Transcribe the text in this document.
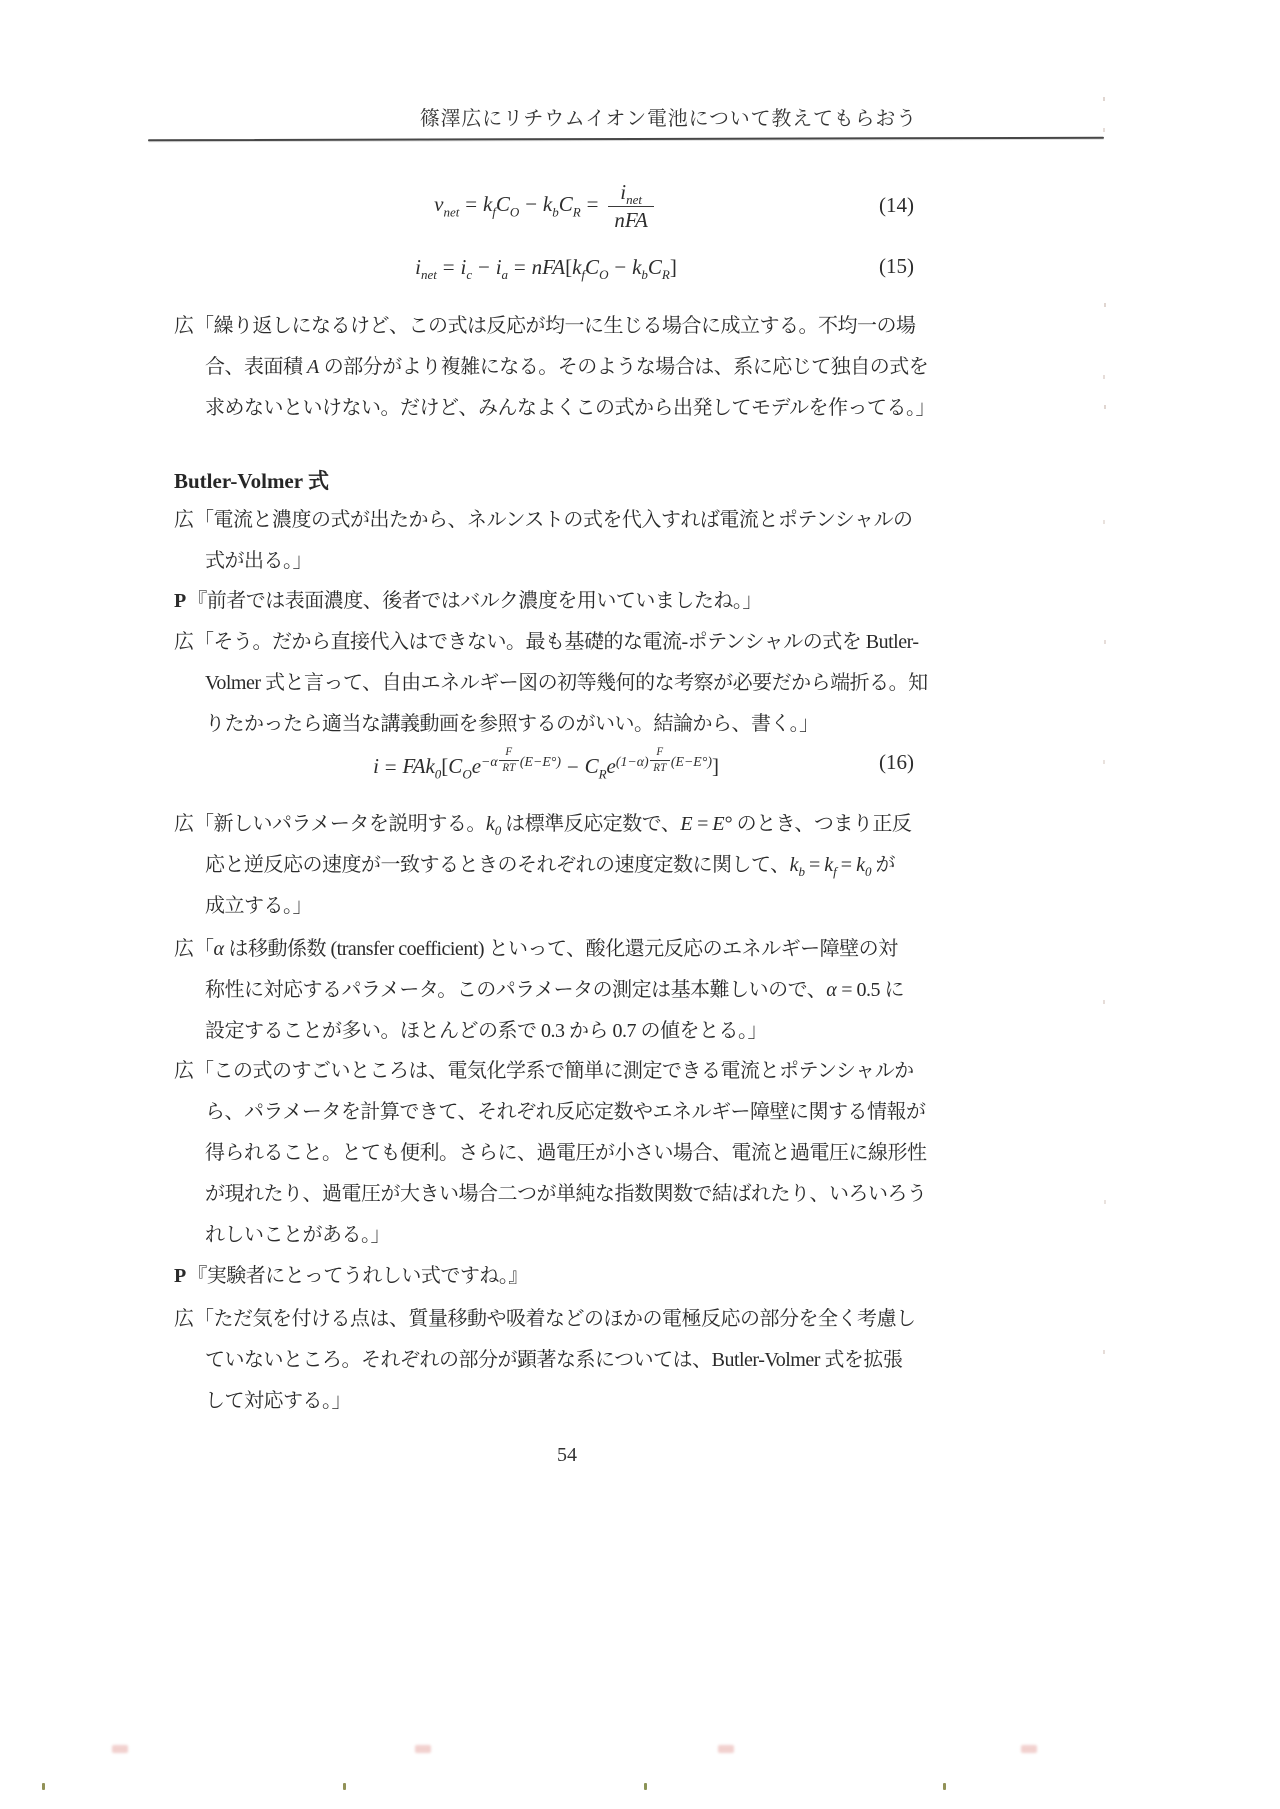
篠澤広にリチウムイオン電池について教えてもらおう
$v_{net} = k_fC_O - k_bC_R = \frac{i_{net}}{\text{nFA}}$	(14)
$i_{net} = i_c - i_a = nFA[k_fC_O - k_bC_R]$	(15)
広「繰り返しになるけど、この式は反応が均一に生じる場合に成立する。不均一の場
合、表面積 A の部分がより複雑になる。そのような場合は、系に応じて独自の式を
求めないといけない。だけど、みんなよくこの式から出発してモデルを作ってる。」
Butler-Volmer 式
広「電流と濃度の式が出たから、ネルンストの式を代入すれば電流とポテンシャルの
式が出る。」
P『前者では表面濃度、後者ではバルク濃度を用いていましたね。」
広「そう。だから直接代入はできない。最も基礎的な電流-ポテンシャルの式を Butler-
Volmer 式と言って、自由エネルギー図の初等幾何的な考察が必要だから端折る。知
りたかったら適当な講義動画を参照するのがいい。結論から、書く。」
$i = FAk_0[C_Oe^{-\alpha \frac{F}{RT} (E-E^\circ)} - C_Re^{(1-\alpha) \frac{F}{RT} (E-E^\circ)}]$	(16)
広「新しいパラメータを説明する。$k_0$ は標準反応定数で、E = E° のとき、つまり正反
応と逆反応の速度が一致するときのそれぞれの速度定数に関して、$k_b = k_f = k_0$ が
成立する。」
広「α は移動係数 (transfer coefficient) といって、酸化還元反応のエネルギー障壁の対
称性に対応するパラメータ。このパラメータの測定は基本難しいので、α = 0.5 に
設定することが多い。ほとんどの系で 0.3 から 0.7 の値をとる。」
広「この式のすごいところは、電気化学系で簡単に測定できる電流とポテンシャルか
ら、パラメータを計算できて、それぞれ反応定数やエネルギー障壁に関する情報が
得られること。とても便利。さらに、過電圧が小さい場合、電流と過電圧に線形性
が現れたり、過電圧が大きい場合二つが単純な指数関数で結ばれたり、いろいろう
れしいことがある。」
P『実験者にとってうれしい式ですね。』
広「ただ気を付ける点は、質量移動や吸着などのほかの電極反応の部分を全く考慮し
ていないところ。それぞれの部分が顕著な系については、Butler-Volmer 式を拡張
して対応する。」
54
